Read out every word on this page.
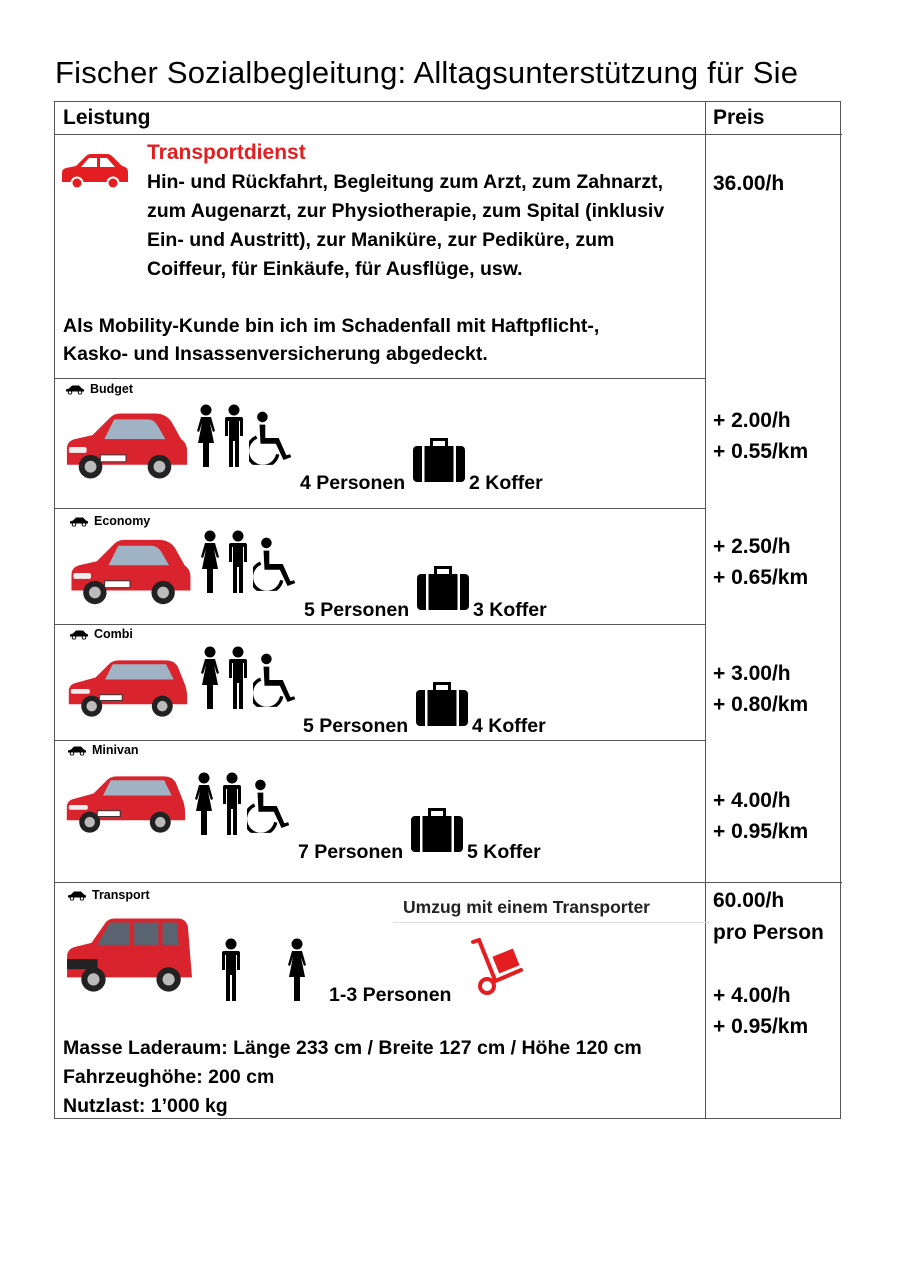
Fischer Sozialbegleitung: Alltagsunterstützung für Sie
Leistung	Preis
Transportdienst
Hin- und Rückfahrt, Begleitung zum Arzt, zum Zahnarzt,
zum Augenarzt, zur Physiotherapie, zum Spital (inklusiv
Ein- und Austritt), zur Maniküre, zur Pediküre, zum
Coiffeur, für Einkäufe, für Ausflüge, usw.
Als Mobility-Kunde bin ich im Schadenfall mit Haftpflicht-,
Kasko- und Insassenversicherung abgedeckt.
36.00/h
Budget
4 Personen	2 Koffer
+ 2.00/h
+ 0.55/km
Economy
5 Personen	3 Koffer
+ 2.50/h
+ 0.65/km
Combi
5 Personen	4 Koffer
+ 3.00/h
+ 0.80/km
Minivan
7 Personen	5 Koffer
+ 4.00/h
+ 0.95/km
Transport
Umzug mit einem Transporter
1-3 Personen
Masse Laderaum: Länge 233 cm / Breite 127 cm / Höhe 120 cm
Fahrzeughöhe: 200 cm
Nutzlast: 1’000 kg
60.00/h
pro Person
+ 4.00/h
+ 0.95/km
